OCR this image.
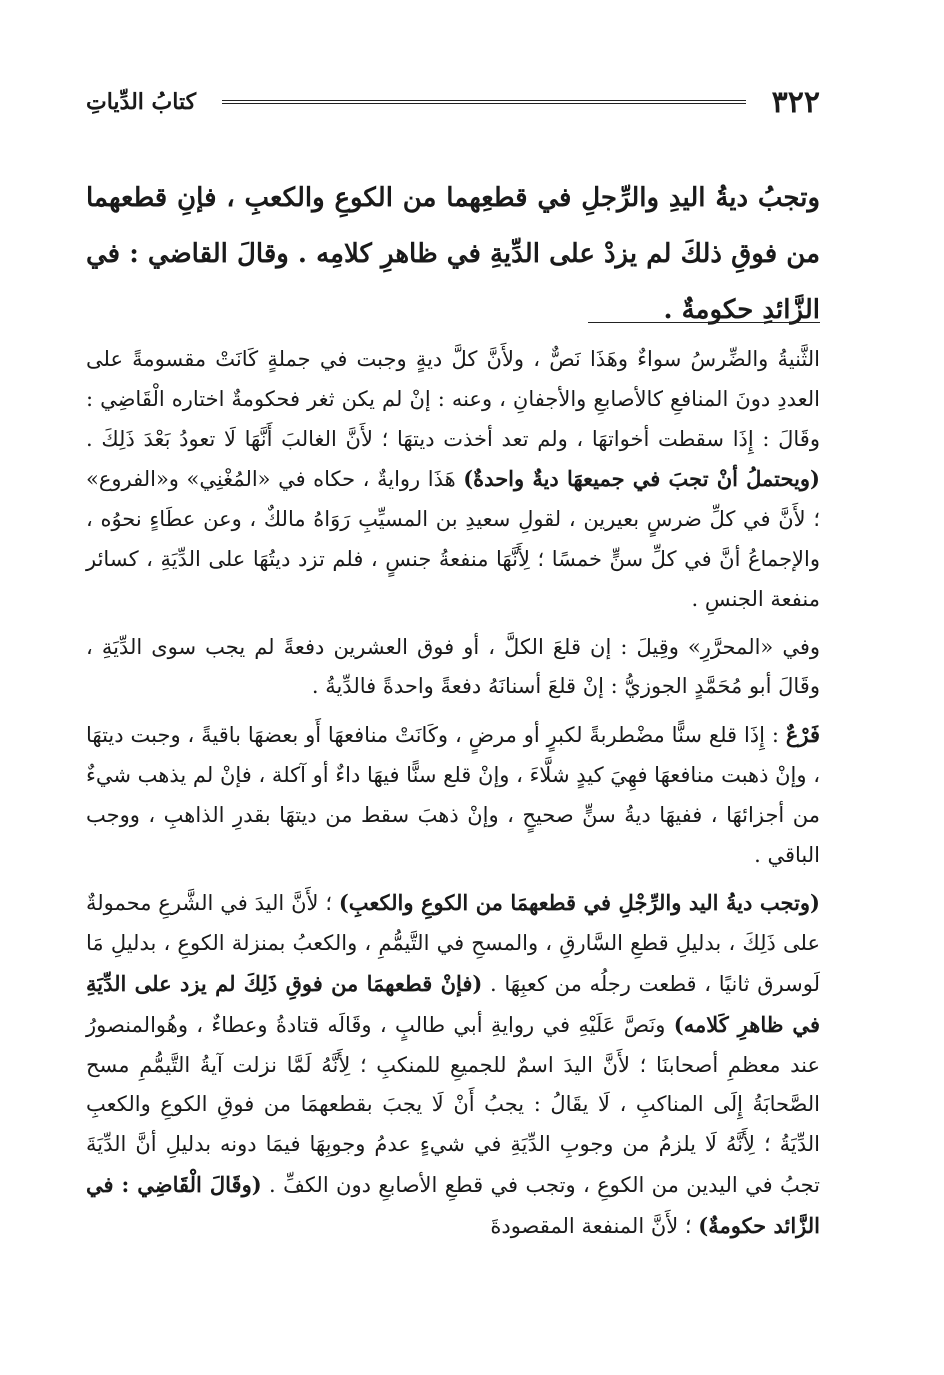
٣٢٢
كتابُ الدِّياتِ

وتجبُ ديةُ اليدِ والرِّجلِ في قطعِهما من الكوعِ والكعبِ ، فإنِ قطعهما من فوقِ ذلكَ لم يزدْ على الدِّيةِ في ظاهرِ كلامِه . وقالَ القاضي : في الزَّائدِ حكومةٌ .

الثَّنيةُ والضِّرسُ سواءٌ وهَذَا نَصٌّ ، ولأَنَّ كلَّ ديةٍ وجبت في جملةٍ كَانَتْ مقسومةً على العددِ دونَ المنافعِ كالأصابعِ والأجفانِ ، وعنه : إنْ لم يكن ثغر فحكومةٌ اختاره الْقَاضِي : وقَالَ : إِذَا سقطت أخواتهَا ، ولم تعد أخذت ديتهَا ؛ لأَنَّ الغالبَ أَنَّهَا لَا تعودُ بَعْدَ ذَلِكَ . (ويحتملُ أنْ تجبَ في جميعهَا ديةٌ واحدةٌ) هَذَا روايةٌ ، حكاه في «المُغْنِي» و«الفروع» ؛ لأَنَّ في كلِّ ضرسٍ بعيرين ، لقولِ سعيدِ بن المسيِّبِ رَوَاهُ مالكٌ ، وعن عطَاءٍ نحوُه ، والإجماعُ أنَّ في كلِّ سنٍّ خمسًا ؛ لِأَنَّهَا منفعةُ جنسٍ ، فلم تزد ديتُهَا على الدِّيَةِ ، كسائر منفعة الجنسِ .

وفي «المحرَّرِ» وقِيلَ : إن قلعَ الكلَّ ، أو فوق العشرين دفعةً لم يجب سوى الدِّيَةِ ، وقَالَ أبو مُحَمَّدٍ الجوزيُّ : إنْ قلعَ أسنانَهُ دفعةً واحدةً فالدِّيةُ .

فَرْعٌ : إِذَا قلع سنًّا مضْطربةً لكبرٍ أو مرضٍ ، وكَانَتْ منافعهَا أَو بعضهَا باقيةً ، وجبت ديتهَا ، وإنْ ذهبت منافعهَا فهِيَ كيدٍ شلَّاءَ ، وإنْ قلع سنًّا فيهَا داءٌ أو آكلة ، فإنْ لم يذهب شيءٌ من أجزائهَا ، ففيهَا ديةُ سنٍّ صحيحٍ ، وإنْ ذهبَ سقط من ديتهَا بقدرِ الذاهبِ ، ووجب الباقي .

(وتجب ديةُ اليد والرِّجْلِ في قطعهمَا من الكوعِ والكعبِ) ؛ لأَنَّ اليدَ في الشَّرعِ محمولةٌ على ذَلِكَ ، بدليلِ قطعِ السَّارقِ ، والمسحِ في التَّيمُّمِ ، والكعبُ بمنزلة الكوعِ ، بدليلِ مَا لَوسرق ثانيًا ، قطعت رجلُه من كعبِهَا . (فإنْ قطعهمَا من فوقِ ذَلِكَ لم يزد على الدِّيَةِ في ظاهرِ كَلامه) ونَصَّ عَلَيْهِ في روايةِ أبي طالبٍ ، وقَالَه قتادةُ وعطاءٌ ، وهُوالمنصورُ عند معظمِ أصحابنَا ؛ لأَنَّ اليدَ اسمٌ للجميعِ للمنكبِ ؛ لِأَنَّهُ لَمَّا نزلت آيةُ التَّيمُّمِ مسح الصَّحابَةُ إِلَى المناكبِ ، لَا يقَالُ : يجبُ أَنْ لَا يجبَ بقطعهمَا من فوقِ الكوعِ والكعبِ الدِّيَةُ ؛ لِأَنَّهُ لَا يلزمُ من وجوبِ الدِّيَةِ في شيءٍ عدمُ وجوبِهَا فيمَا دونه بدليلِ أنَّ الدِّيَةَ تجبُ في اليدين من الكوعِ ، وتجب في قطعِ الأصابعِ دون الكفِّ . (وقَالَ الْقَاضِي : في الزَّائد حكومةٌ) ؛ لأَنَّ المنفعة المقصودةَ
